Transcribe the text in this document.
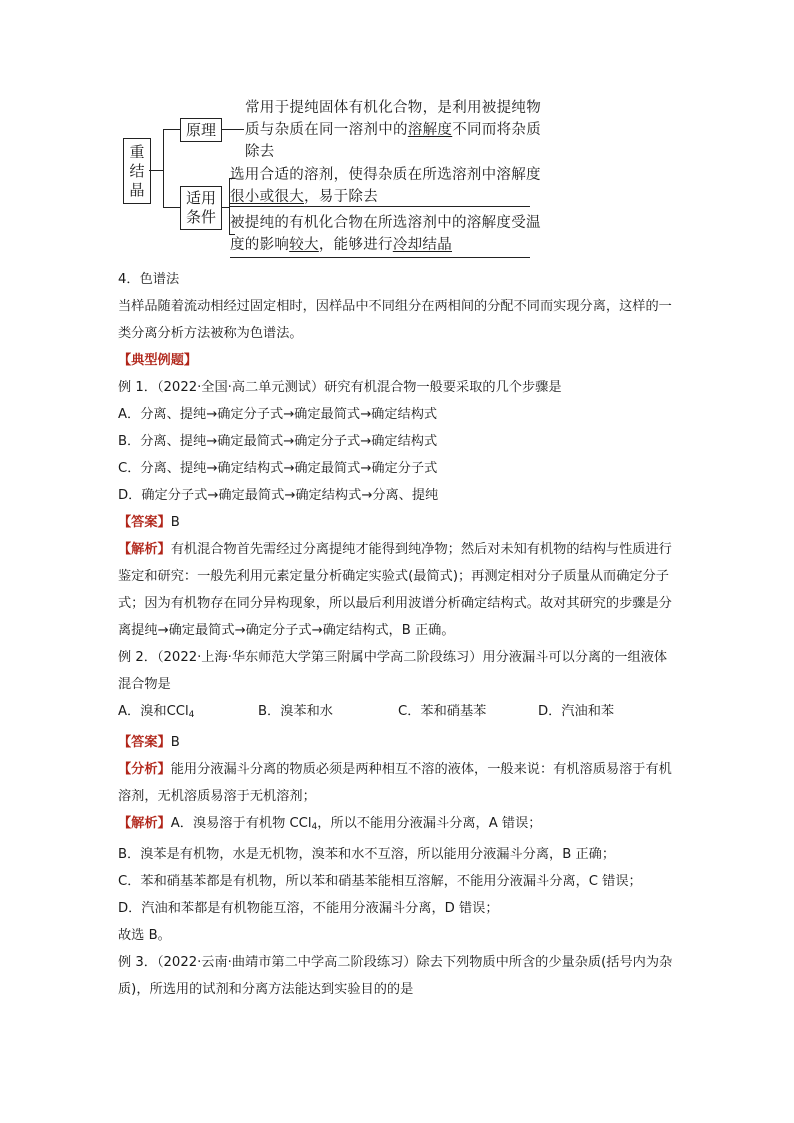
重
结
晶
原理
适用
条件
常用于提纯固体有机化合物，是利用被提纯物质与杂质在同一溶剂中的溶解度不同而将杂质除去
选用合适的溶剂，使得杂质在所选溶剂中溶解度很小或很大，易于除去
被提纯的有机化合物在所选溶剂中的溶解度受温度的影响较大，能够进行冷却结晶

4．色谱法

当样品随着流动相经过固定相时，因样品中不同组分在两相间的分配不同而实现分离，这样的一类分离分析方法被称为色谱法。

【典型例题】

例 1．（2022·全国·高二单元测试）研究有机混合物一般要采取的几个步骤是

A．分离、提纯→确定分子式→确定最简式→确定结构式

B．分离、提纯→确定最简式→确定分子式→确定结构式

C．分离、提纯→确定结构式→确定最简式→确定分子式

D．确定分子式→确定最简式→确定结构式→分离、提纯

【答案】B

【解析】有机混合物首先需经过分离提纯才能得到纯净物；然后对未知有机物的结构与性质进行鉴定和研究：一般先利用元素定量分析确定实验式(最简式)；再测定相对分子质量从而确定分子式；因为有机物存在同分异构现象，所以最后利用波谱分析确定结构式。故对其研究的步骤是分离提纯→确定最简式→确定分子式→确定结构式，B 正确。

例 2．（2022·上海·华东师范大学第三附属中学高二阶段练习）用分液漏斗可以分离的一组液体混合物是

A．溴和CCl4	B．溴苯和水	C．苯和硝基苯	D．汽油和苯

【答案】B

【分析】能用分液漏斗分离的物质必须是两种相互不溶的液体，一般来说：有机溶质易溶于有机溶剂，无机溶质易溶于无机溶剂；

【解析】A．溴易溶于有机物 CCl$_4$，所以不能用分液漏斗分离，A 错误；

B．溴苯是有机物，水是无机物，溴苯和水不互溶，所以能用分液漏斗分离，B 正确；

C．苯和硝基苯都是有机物，所以苯和硝基苯能相互溶解，不能用分液漏斗分离，C 错误；

D．汽油和苯都是有机物能互溶，不能用分液漏斗分离，D 错误；

故选 B。

例 3．（2022·云南·曲靖市第二中学高二阶段练习）除去下列物质中所含的少量杂质(括号内为杂质)，所选用的试剂和分离方法能达到实验目的的是
